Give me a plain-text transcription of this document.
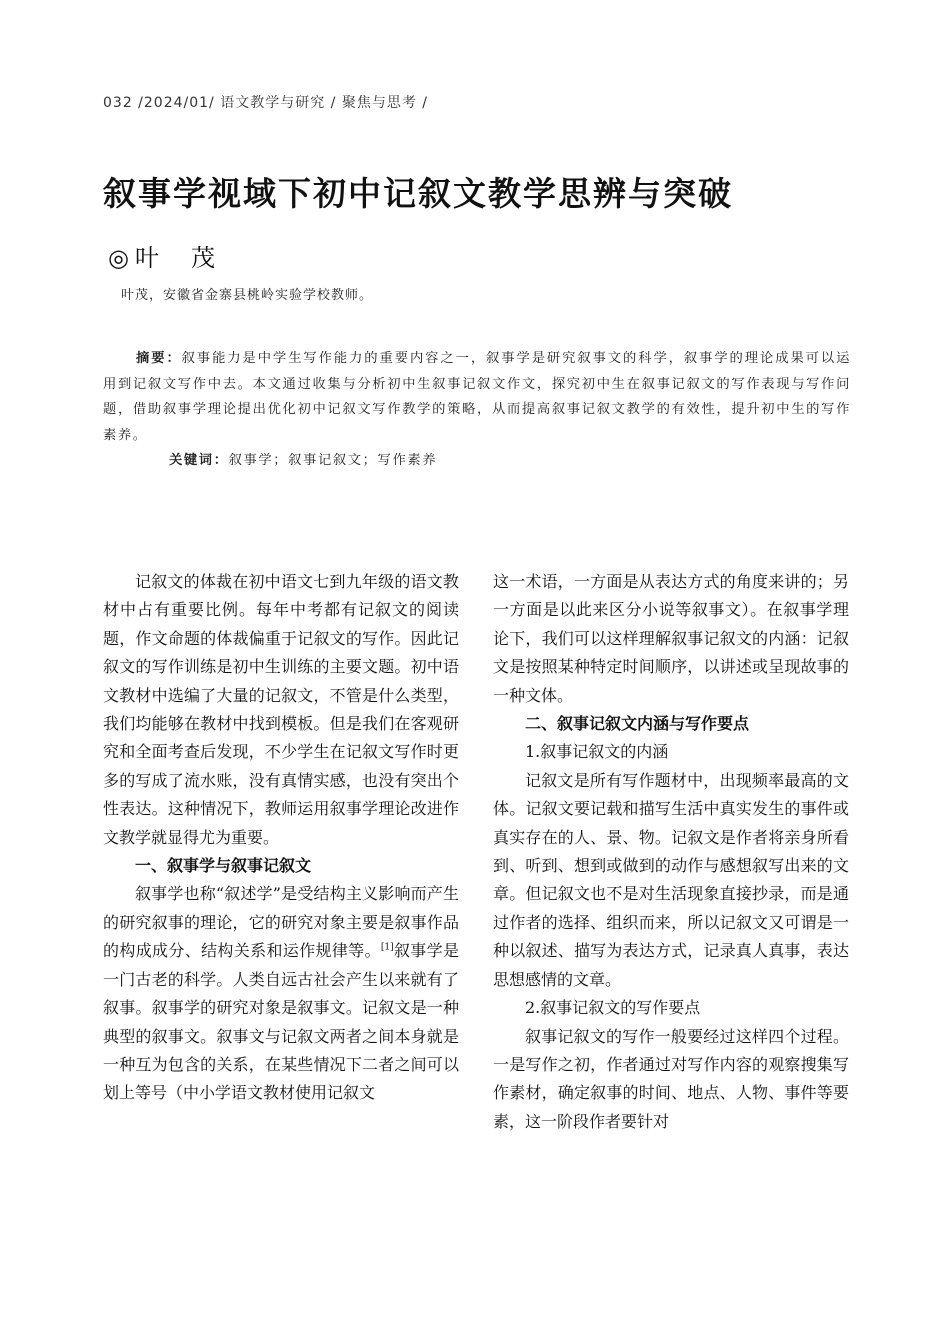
032 /2024/01/ 语文教学与研究 / 聚焦与思考 /
叙事学视域下初中记叙文教学思辨与突破
◎叶　茂
叶茂，安徽省金寨县桃岭实验学校教师。

摘要：叙事能力是中学生写作能力的重要内容之一，叙事学是研究叙事文的科学，叙事学的理论成果可以运用到记叙文写作中去。本文通过收集与分析初中生叙事记叙文作文，探究初中生在叙事记叙文的写作表现与写作问题，借助叙事学理论提出优化初中记叙文写作教学的策略，从而提高叙事记叙文教学的有效性，提升初中生的写作素养。

关键词：叙事学；叙事记叙文；写作素养

记叙文的体裁在初中语文七到九年级的语文教材中占有重要比例。每年中考都有记叙文的阅读题，作文命题的体裁偏重于记叙文的写作。因此记叙文的写作训练是初中生训练的主要文题。初中语文教材中选编了大量的记叙文，不管是什么类型，我们均能够在教材中找到模板。但是我们在客观研究和全面考查后发现，不少学生在记叙文写作时更多的写成了流水账，没有真情实感，也没有突出个性表达。这种情况下，教师运用叙事学理论改进作文教学就显得尤为重要。

一、叙事学与叙事记叙文

叙事学也称“叙述学”是受结构主义影响而产生的研究叙事的理论，它的研究对象主要是叙事作品的构成成分、结构关系和运作规律等。[1]叙事学是一门古老的科学。人类自远古社会产生以来就有了叙事。叙事学的研究对象是叙事文。记叙文是一种典型的叙事文。叙事文与记叙文两者之间本身就是一种互为包含的关系，在某些情况下二者之间可以划上等号（中小学语文教材使用记叙文

这一术语，一方面是从表达方式的角度来讲的；另一方面是以此来区分小说等叙事文）。在叙事学理论下，我们可以这样理解叙事记叙文的内涵：记叙文是按照某种特定时间顺序，以讲述或呈现故事的一种文体。

二、叙事记叙文内涵与写作要点

1.叙事记叙文的内涵

记叙文是所有写作题材中，出现频率最高的文体。记叙文要记载和描写生活中真实发生的事件或真实存在的人、景、物。记叙文是作者将亲身所看到、听到、想到或做到的动作与感想叙写出来的文章。但记叙文也不是对生活现象直接抄录，而是通过作者的选择、组织而来，所以记叙文又可谓是一种以叙述、描写为表达方式，记录真人真事，表达思想感情的文章。

2.叙事记叙文的写作要点

叙事记叙文的写作一般要经过这样四个过程。一是写作之初，作者通过对写作内容的观察搜集写作素材，确定叙事的时间、地点、人物、事件等要素，这一阶段作者要针对
